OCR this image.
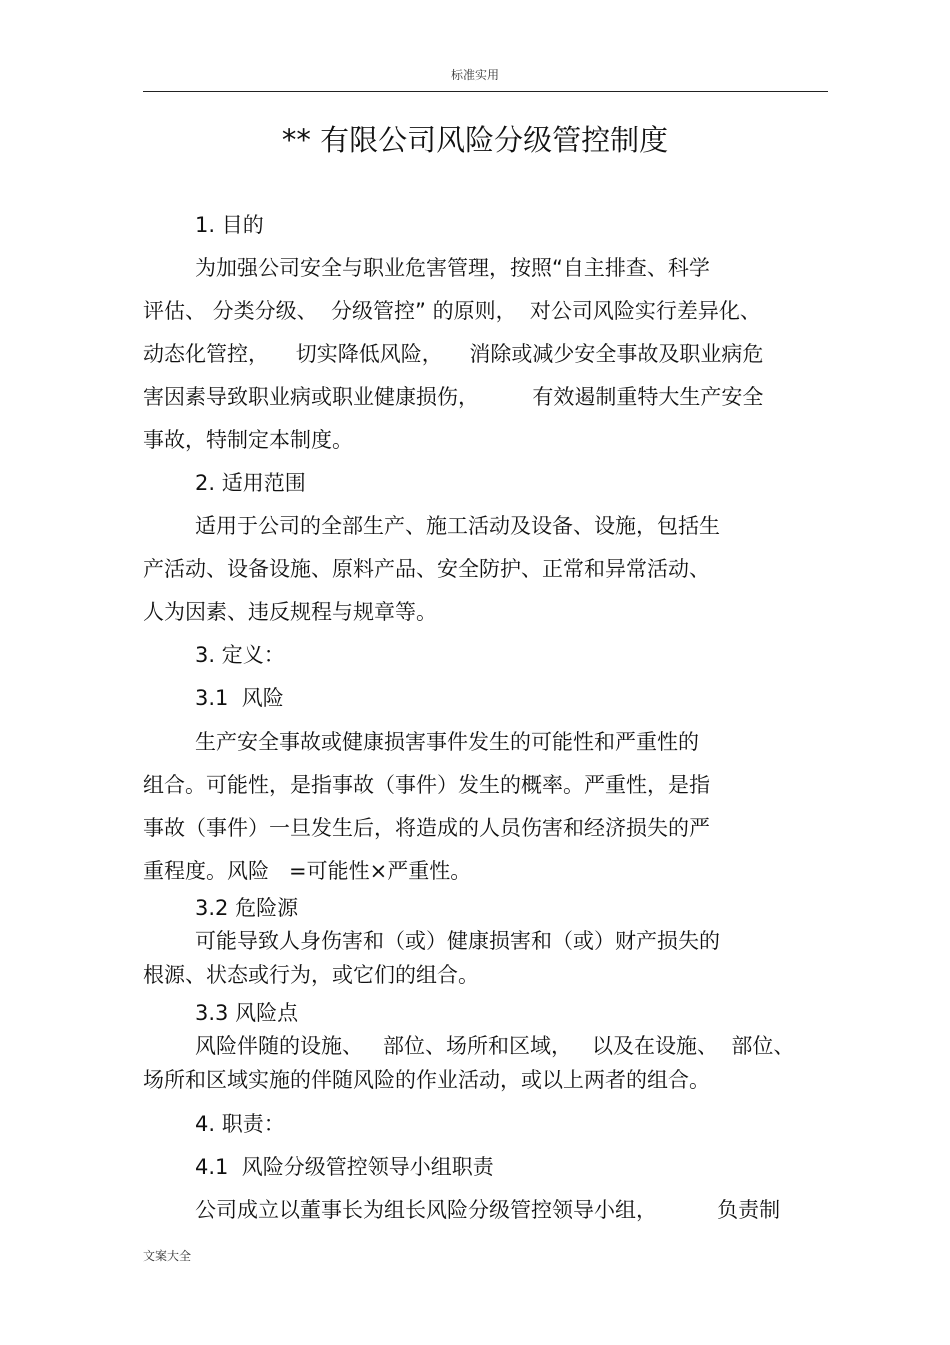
标准实用
** 有限公司风险分级管控制度
1. 目的
为加强公司安全与职业危害管理，按照“自主排查、科学
评估、 分类分级、  分级管控” 的原则，  对公司风险实行差异化、
动态化管控，    切实降低风险，    消除或减少安全事故及职业病危
害因素导致职业病或职业健康损伤，        有效遏制重特大生产安全
事故，特制定本制度。
2. 适用范围
适用于公司的全部生产、施工活动及设备、设施，包括生
产活动、设备设施、原料产品、安全防护、正常和异常活动、
人为因素、违反规程与规章等。
3. 定义：
3.1  风险
生产安全事故或健康损害事件发生的可能性和严重性的
组合。可能性，是指事故（事件）发生的概率。严重性，是指
事故（事件）一旦发生后，将造成的人员伤害和经济损失的严
重程度。风险   =可能性×严重性。
3.2 危险源
可能导致人身伤害和（或）健康损害和（或）财产损失的
根源、状态或行为，或它们的组合。
3.3 风险点
风险伴随的设施、   部位、场所和区域，   以及在设施、  部位、
场所和区域实施的伴随风险的作业活动，或以上两者的组合。
4. 职责：
4.1  风险分级管控领导小组职责
公司成立以董事长为组长风险分级管控领导小组，         负责制
文案大全
